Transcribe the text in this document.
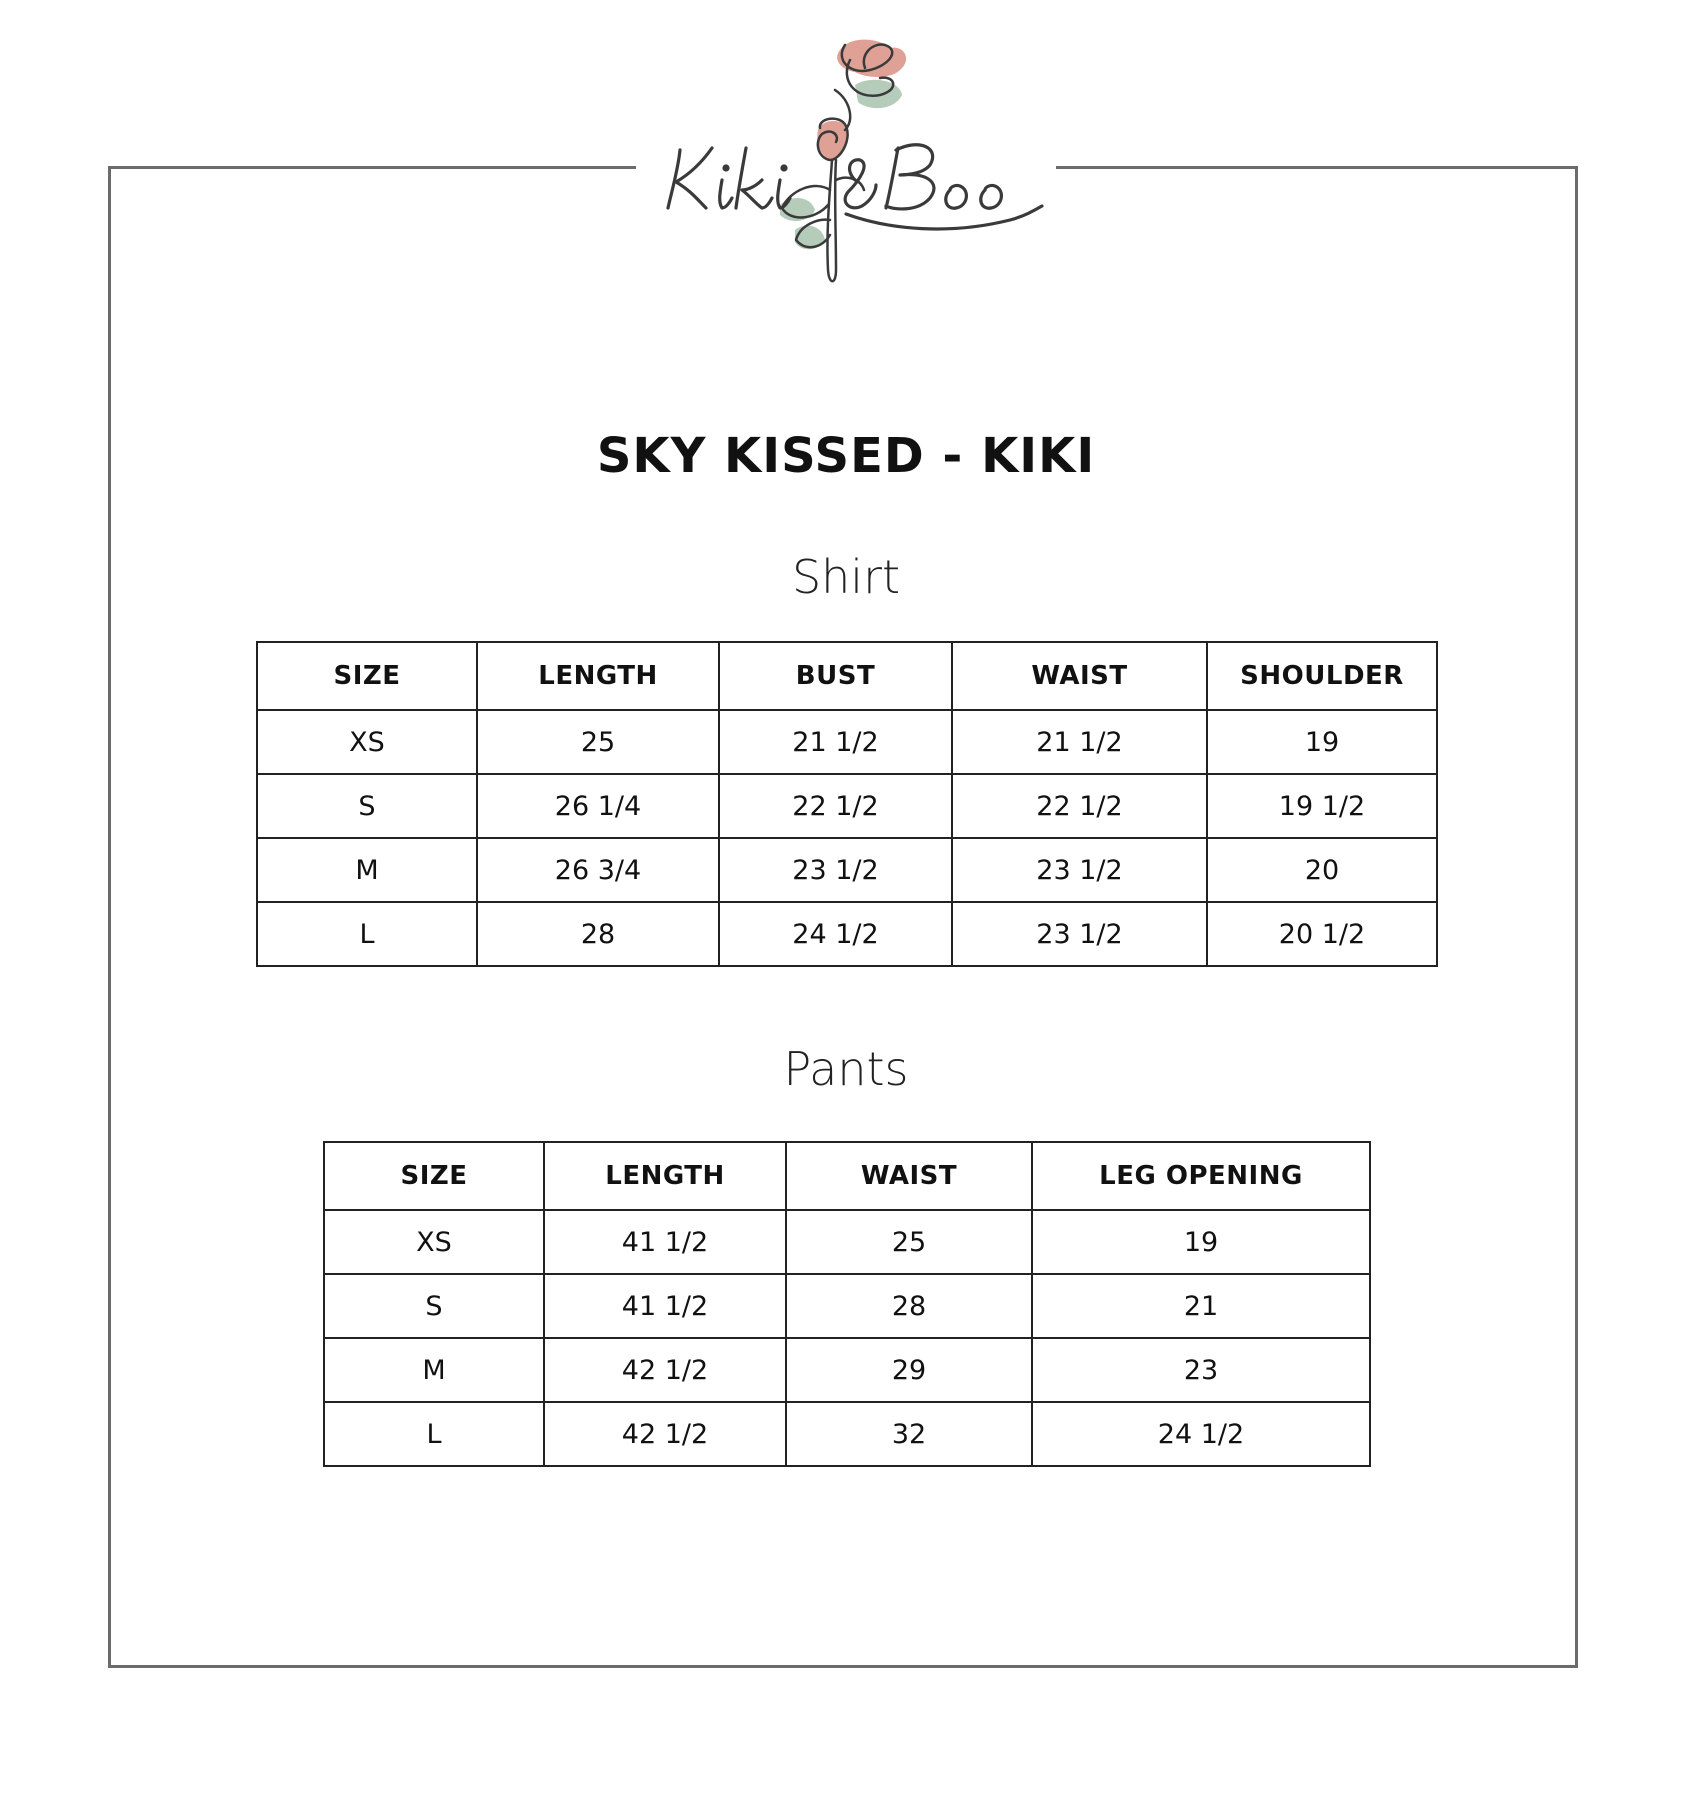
SKY KISSED - KIKI
Shirt
SIZE	LENGTH	BUST	WAIST	SHOULDER
XS	25	21 1/2	21 1/2	19
S	26 1/4	22 1/2	22 1/2	19 1/2
M	26 3/4	23 1/2	23 1/2	20
L	28	24 1/2	23 1/2	20 1/2
Pants
SIZE	LENGTH	WAIST	LEG OPENING
XS	41 1/2	25	19
S	41 1/2	28	21
M	42 1/2	29	23
L	42 1/2	32	24 1/2
